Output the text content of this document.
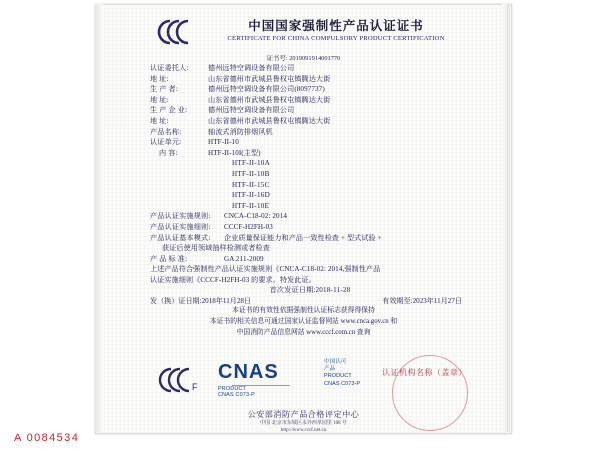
中国国家强制性产品认证证书
CERTIFICATE FOR CHINA COMPULSORY PRODUCT CERTIFICATION
证书号: 2019091914001770
认证委托人:	德州远特空调设备有限公司
地 址:	山东省德州市武城县鲁权屯镇腾达大街
生 产 者:	德州远特空调设备有限公司(8097737)
地 址:	山东省德州市武城县鲁权屯镇腾达大街
生 产 企 业:	德州远特空调设备有限公司
地 址:	山东省德州市武城县鲁权屯镇腾达大街
产品名称:	轴流式消防排烟风机
认证单元:	HTF-II-10
内 容:	HTF-II-10I(主型)
HTF-II-10A
HTF-II-10B
HTF-II-15C
HTF-II-16D
HTF-II-10E
产品认证实施规则:	CNCA-C18-02: 2014
产品认证实施细则:	CCCF-H2FH-03
产品认证基本模式:	企业质量保证能力和产品一致性检查 + 型式试验 +
获证后使用领域抽样检测或者检查
产 品 标 准:	GA 211-2009
上述产品符合强制性产品认证实施规则《CNCA-C18-02: 2014,强制性产品
认证实施细则《CCCF-H2FH-03 的要求。特发此证。
首次发证日期:2018-11-28
发（换）证日期:2018年11月28日	有效期至:2023年11月27日
本证书的有效性依据强制性认证标志获得得保持
本证书的相关信息可通过国家认证监督网站 www.cnca.gov.cn 和
中国消防产品信息网站 www.cccf.com.cn 查询
F
CNAS
PRODUCT
CNAS C073-P
中国认可
产品
PRODUCT
CNAS C073-P
认证机构名称（盖章）
公安部消防产品合格评定中心
中国·北京市东城区永外西革园里 108 号
http://www.cccf.net.cn
A 0084534
